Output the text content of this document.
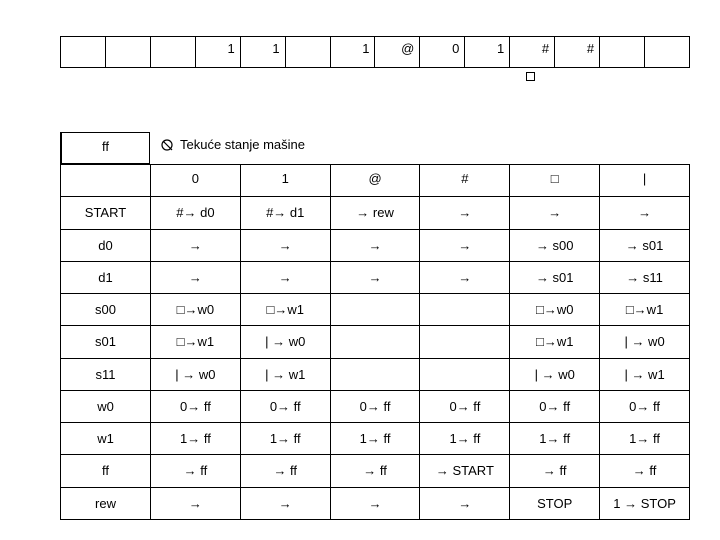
1	1	1 @	0	1	#	#
ff	Tekuće stanje mašine
	0	1	@	#	□	|
START	#→ d0	#→ d1	→ rew	→	→	→
d0	→	→	→	→	→ s00	→ s01
d1	→	→	→	→	→ s01	→ s11
s00	□→w0	□→w1			□→w0	□→w1
s01	□→w1	| → w0			□→w1	| → w0
s11	| → w0	| → w1			| → w0	| → w1
w0	0→ ff	0→ ff	0→ ff	0→ ff	0→ ff	0→ ff
w1	1→ ff	1→ ff	1→ ff	1→ ff	1→ ff	1→ ff
ff	→ ff	→ ff	→ ff	→ START	→ ff	→ ff
rew	→	→	→	→	STOP	1 → STOP
